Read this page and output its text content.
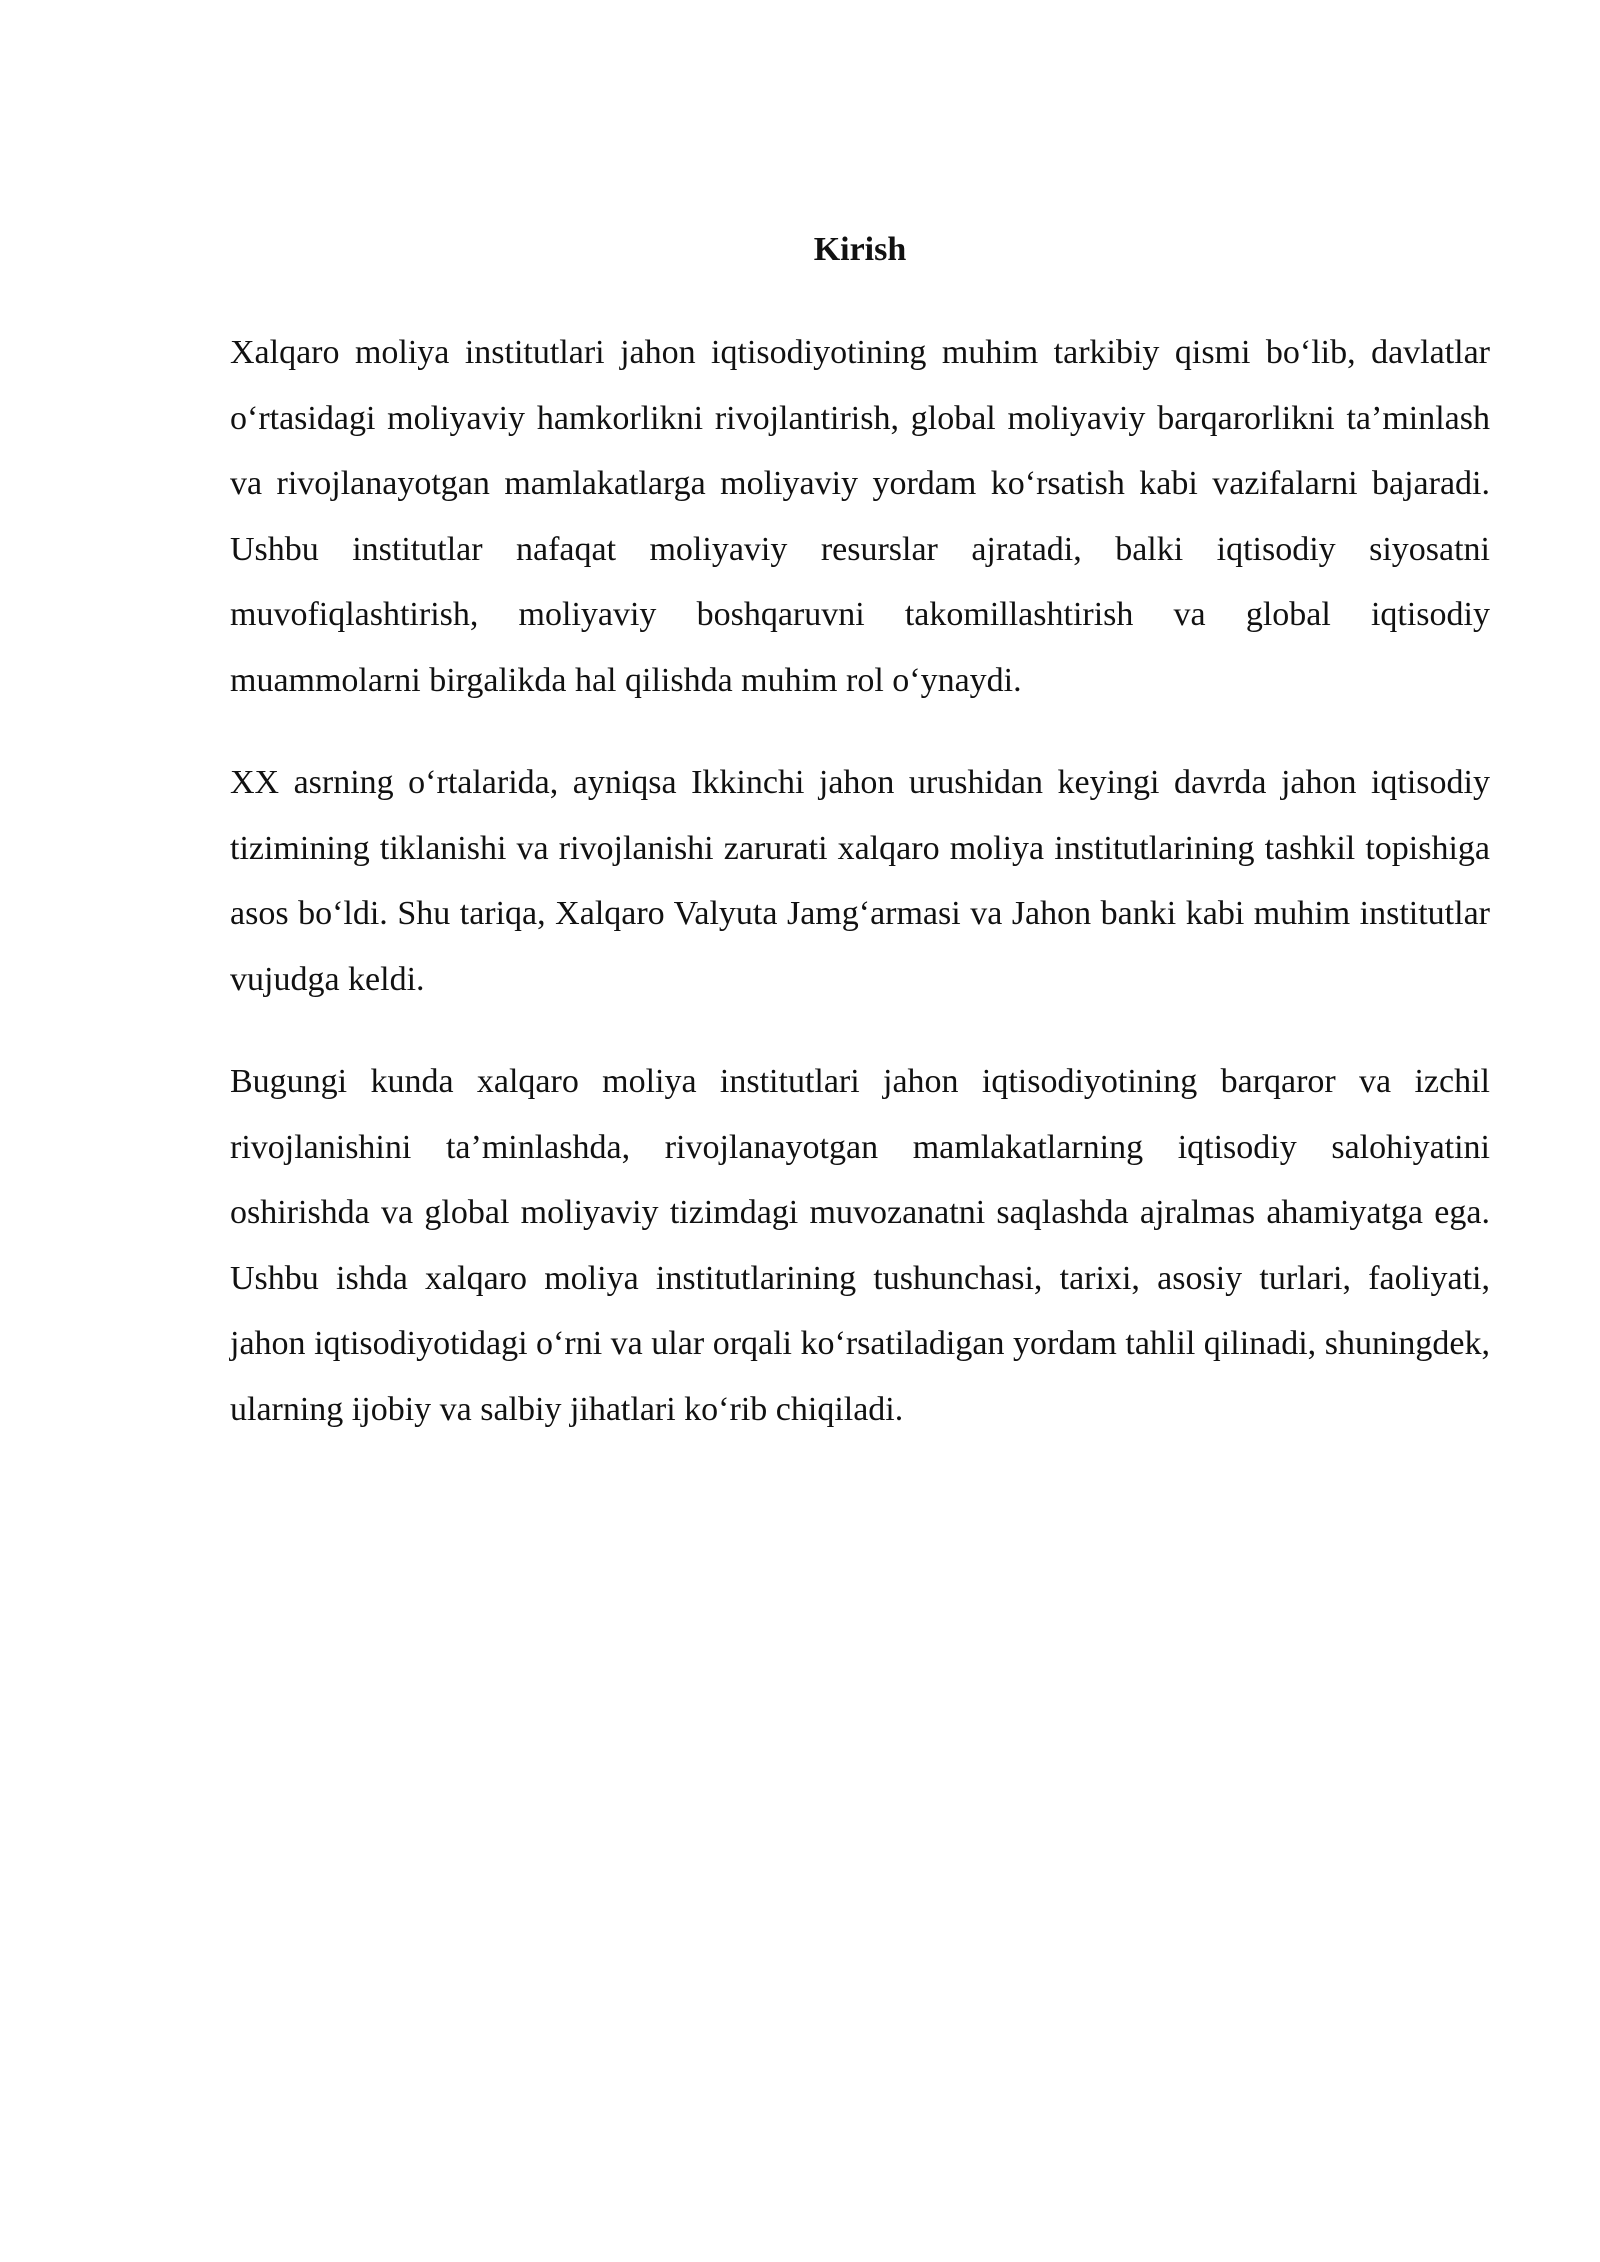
Kirish

Xalqaro moliya institutlari jahon iqtisodiyotining muhim tarkibiy qismi bo‘lib, davlatlar o‘rtasidagi moliyaviy hamkorlikni rivojlantirish, global moliyaviy barqarorlikni ta’minlash va rivojlanayotgan mamlakatlarga moliyaviy yordam ko‘rsatish kabi vazifalarni bajaradi. Ushbu institutlar nafaqat moliyaviy resurslar ajratadi, balki iqtisodiy siyosatni muvofiqlashtirish, moliyaviy boshqaruvni takomillashtirish va global iqtisodiy muammolarni birgalikda hal qilishda muhim rol o‘ynaydi.

XX asrning o‘rtalarida, ayniqsa Ikkinchi jahon urushidan keyingi davrda jahon iqtisodiy tizimining tiklanishi va rivojlanishi zarurati xalqaro moliya institutlarining tashkil topishiga asos bo‘ldi. Shu tariqa, Xalqaro Valyuta Jamg‘armasi va Jahon banki kabi muhim institutlar vujudga keldi.

Bugungi kunda xalqaro moliya institutlari jahon iqtisodiyotining barqaror va izchil rivojlanishini ta’minlashda, rivojlanayotgan mamlakatlarning iqtisodiy salohiyatini oshirishda va global moliyaviy tizimdagi muvozanatni saqlashda ajralmas ahamiyatga ega. Ushbu ishda xalqaro moliya institutlarining tushunchasi, tarixi, asosiy turlari, faoliyati, jahon iqtisodiyotidagi o‘rni va ular orqali ko‘rsatiladigan yordam tahlil qilinadi, shuningdek, ularning ijobiy va salbiy jihatlari ko‘rib chiqiladi.
